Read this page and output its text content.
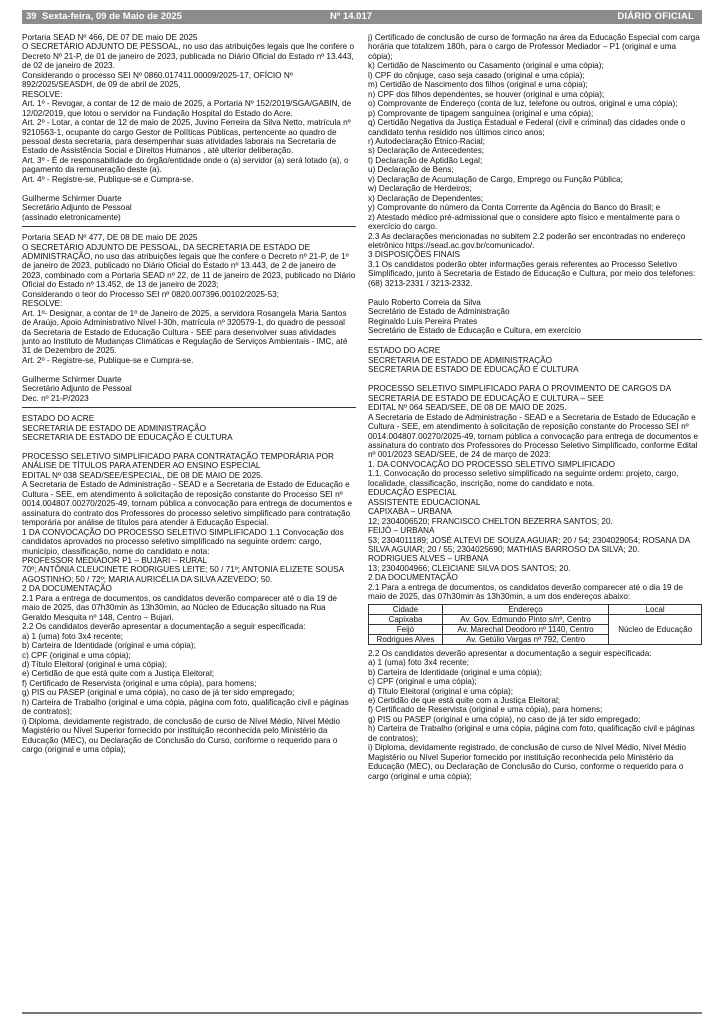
39 Sexta-feira, 09 de Maio de 2025	Nº 14.017	DIÁRIO OFICIAL

Portaria SEAD Nº 466, DE 07 DE maio DE 2025

O SECRETÁRIO ADJUNTO DE PESSOAL, no uso das atribuições legais que lhe confere o Decreto Nº 21-P, de 01 de janeiro de 2023, publicada no Diário Oficial do Estado nº 13.443, de 02 de janeiro de 2023.

Considerando o processo SEI Nº 0860.017411.00009/2025-17, OFÍCIO Nº 892/2025/SEASDH, de 09 de abril de 2025,

RESOLVE:

Art. 1º - Revogar, a contar de 12 de maio de 2025, a Portaria Nº 152/2019/SGA/GABIN, de 12/02/2019, que lotou o servidor na Fundação Hospital do Estado do Acre.

Art. 2º - Lotar, a contar de 12 de maio de 2025, Juvino Ferreira da Silva Netto, matrícula nº 9210563-1, ocupante do cargo Gestor de Políticas Públicas, pertencente ao quadro de pessoal desta secretaria, para desempenhar suas atividades laborais na Secretaria de Estado de Assistência Social e Direitos Humanos , até ulterior deliberação.

Art. 3º - É de responsabilidade do órgão/entidade onde o (a) servidor (a) será lotado (a), o pagamento da remuneração deste (a).

Art. 4º - Registre-se, Publique-se e Cumpra-se.

Guilherme Schirmer Duarte

Secretário Adjunto de Pessoal

(assinado eletronicamente)

Portaria SEAD Nº 477, DE 08 DE maio DE 2025

O SECRETÁRIO ADJUNTO DE PESSOAL, DA SECRETARIA DE ESTADO DE ADMINISTRAÇÃO, no uso das atribuições legais que lhe confere o Decreto nº 21-P, de 1º de janeiro de 2023, publicado no Diário Oficial do Estado nº 13.443, de 2 de janeiro de 2023, combinado com a Portaria SEAD nº 22, de 11 de janeiro de 2023, publicado no Diário Oficial do Estado nº 13.452, de 13 de janeiro de 2023;

Considerando o teor do Processo SEI nº 0820.007396.00102/2025-53;

RESOLVE:

Art. 1º- Designar, a contar de 1º de Janeiro de 2025, a servidora Rosangela Maria Santos de Araújo, Apoio Administrativo Nível I-30h, matrícula nº 320579-1, do quadro de pessoal da Secretaria de Estado de Educação Cultura - SEE para desenvolver suas atividades junto ao Instituto de Mudanças Climáticas e Regulação de Serviços Ambientais - IMC, até 31 de Dezembro de 2025.

Art. 2º - Registre-se, Publique-se e Cumpra-se.

Guilherme Schirmer Duarte

Secretário Adjunto de Pessoal

Dec. nº 21-P/2023

ESTADO DO ACRE

SECRETARIA DE ESTADO DE ADMINISTRAÇÃO

SECRETARIA DE ESTADO DE EDUCAÇÃO E CULTURA

PROCESSO SELETIVO SIMPLIFICADO PARA CONTRATAÇÃO TEMPORÁRIA POR ANÁLISE DE TÍTULOS PARA ATENDER AO ENSINO ESPECIAL

EDITAL Nº 038 SEAD/SEE/ESPECIAL, DE 08 DE MAIO DE 2025.

A Secretaria de Estado de Administração - SEAD e a Secretaria de Estado de Educação e Cultura - SEE, em atendimento à solicitação de reposição constante do Processo SEI nº 0014.004807.00270/2025-49, tornam pública a convocação para entrega de documentos e assinatura do contrato dos Professores do processo seletivo simplificado para contratação temporária por análise de títulos para atender à Educação Especial.

1 DA CONVOCAÇÃO DO PROCESSO SELETIVO SIMPLIFICADO 1.1 Convocação dos candidatos aprovados no processo seletivo simplificado na seguinte ordem: cargo, município, classificação, nome do candidato e nota:

PROFESSOR MEDIADOR P1 – BUJARI – RURAL

70º; ANTÔNIA CLEUCINETE RODRIGUES LEITE; 50 / 71º; ANTONIA ELIZETE SOUSA AGOSTINHO; 50 / 72º; MARIA AURICÉLIA DA SILVA AZEVEDO; 50.

2 DA DOCUMENTAÇÃO

2.1 Para a entrega de documentos, os candidatos deverão comparecer até o dia 19 de maio de 2025, das 07h30min às 13h30min, ao Núcleo de Educação situado na Rua Geraldo Mesquita nº 148, Centro – Bujari.

2.2 Os candidatos deverão apresentar a documentação a seguir especificada:

a) 1 (uma) foto 3x4 recente;

b) Carteira de Identidade (original e uma cópia);

c) CPF (original e uma cópia);

d) Título Eleitoral (original e uma cópia);

e) Certidão de que está quite com a Justiça Eleitoral;

f) Certificado de Reservista (original e uma cópia), para homens;

g) PIS ou PASEP (original e uma cópia), no caso de já ter sido empregado;

h) Carteira de Trabalho (original e uma cópia, página com foto, qualificação civil e páginas de contratos);

i) Diploma, devidamente registrado, de conclusão de curso de Nível Médio, Nível Médio Magistério ou Nível Superior fornecido por instituição reconhecida pelo Ministério da Educação (MEC), ou Declaração de Conclusão do Curso, conforme o requerido para o cargo (original e uma cópia);

j) Certificado de conclusão de curso de formação na área da Educação Especial com carga horária que totalizem 180h, para o cargo de Professor Mediador – P1 (original e uma cópia);

k) Certidão de Nascimento ou Casamento (original e uma cópia);

l) CPF do cônjuge, caso seja casado (original e uma cópia);

m) Certidão de Nascimento dos filhos (original e uma cópia);

n) CPF dos filhos dependentes, se houver (original e uma cópia);

o) Comprovante de Endereço (conta de luz, telefone ou outros, original e uma cópia);

p) Comprovante de tipagem sanguínea (original e uma cópia);

q) Certidão Negativa da Justiça Estadual e Federal (civil e criminal) das cidades onde o candidato tenha residido nos últimos cinco anos;

r) Autodeclaração Étnico-Racial;

s) Declaração de Antecedentes;

t) Declaração de Aptidão Legal;

u) Declaração de Bens;

v) Declaração de Acumulação de Cargo, Emprego ou Função Pública;

w) Declaração de Herdeiros;

x) Declaração de Dependentes;

y) Comprovante do número da Conta Corrente da Agência do Banco do Brasil; e

z) Atestado médico pré-admissional que o considere apto físico e mentalmente para o exercício do cargo.

2.3 As declarações mencionadas no subitem 2.2 poderão ser encontradas no endereço eletrônico https://sead.ac.gov.br/comunicado/.

3 DISPOSIÇÕES FINAIS

3.1 Os candidatos poderão obter informações gerais referentes ao Processo Seletivo Simplificado, junto à Secretaria de Estado de Educação e Cultura, por meio dos telefones: (68) 3213-2331 / 3213-2332.

Paulo Roberto Correia da Silva

Secretário de Estado de Administração

Reginaldo Luís Pereira Prates

Secretário de Estado de Educação e Cultura, em exercício

ESTADO DO ACRE

SECRETARIA DE ESTADO DE ADMINISTRAÇÃO

SECRETARIA DE ESTADO DE EDUCAÇÃO E CULTURA

PROCESSO SELETIVO SIMPLIFICADO PARA O PROVIMENTO DE CARGOS DA SECRETARIA DE ESTADO DE EDUCAÇÃO E CULTURA – SEE

EDITAL Nº 064 SEAD/SEE, DE 08 DE MAIO DE 2025.

A Secretaria de Estado de Administração - SEAD e a Secretaria de Estado de Educação e Cultura - SEE, em atendimento à solicitação de reposição constante do Processo SEI nº 0014.004807.00270/2025-49, tornam pública a convocação para entrega de documentos e assinatura do contrato dos Professores do Processo Seletivo Simplificado, conforme Edital nº 001/2023 SEAD/SEE, de 24 de março de 2023:

1. DA CONVOCAÇÃO DO PROCESSO SELETIVO SIMPLIFICADO

1.1. Convocação do processo seletivo simplificado na seguinte ordem: projeto, cargo, localidade, classificação, inscrição, nome do candidato e nota.

EDUCAÇÃO ESPECIAL

ASSISTENTE EDUCACIONAL

CAPIXABA – URBANA

12; 2304006520; FRANCISCO CHELTON BEZERRA SANTOS; 20.

FEIJÓ – URBANA

53; 2304011189; JOSÉ ALTEVI DE SOUZA AGUIAR; 20 / 54; 2304029054; ROSANA DA SILVA AGUIAR; 20 / 55; 2304025690; MATHIAS BARROSO DA SILVA; 20.

RODRIGUES ALVES – URBANA

13; 2304004966; CLEICIANE SILVA DOS SANTOS; 20.

2 DA DOCUMENTAÇÃO

2.1 Para a entrega de documentos, os candidatos deverão comparecer até o dia 19 de maio de 2025, das 07h30min às 13h30min, a um dos endereços abaixo:

Cidade	Endereço	Local
Capixaba	Av. Gov. Edmundo Pinto s/nº, Centro	Núcleo de Educação
Feijó	Av. Marechal Deodoro nº 1140, Centro	
Rodrigues Alves	Av. Getúlio Vargas nº 792, Centro	

2.2 Os candidatos deverão apresentar a documentação a seguir especificada:

a) 1 (uma) foto 3x4 recente;

b) Carteira de Identidade (original e uma cópia);

c) CPF (original e uma cópia);

d) Título Eleitoral (original e uma cópia);

e) Certidão de que está quite com a Justiça Eleitoral;

f) Certificado de Reservista (original e uma cópia), para homens;

g) PIS ou PASEP (original e uma cópia), no caso de já ter sido empregado;

h) Carteira de Trabalho (original e uma cópia, página com foto, qualificação civil e páginas de contratos);

i) Diploma, devidamente registrado, de conclusão de curso de Nível Médio, Nível Médio Magistério ou Nível Superior fornecido por instituição reconhecida pelo Ministério da Educação (MEC), ou Declaração de Conclusão do Curso, conforme o requerido para o cargo (original e uma cópia);
